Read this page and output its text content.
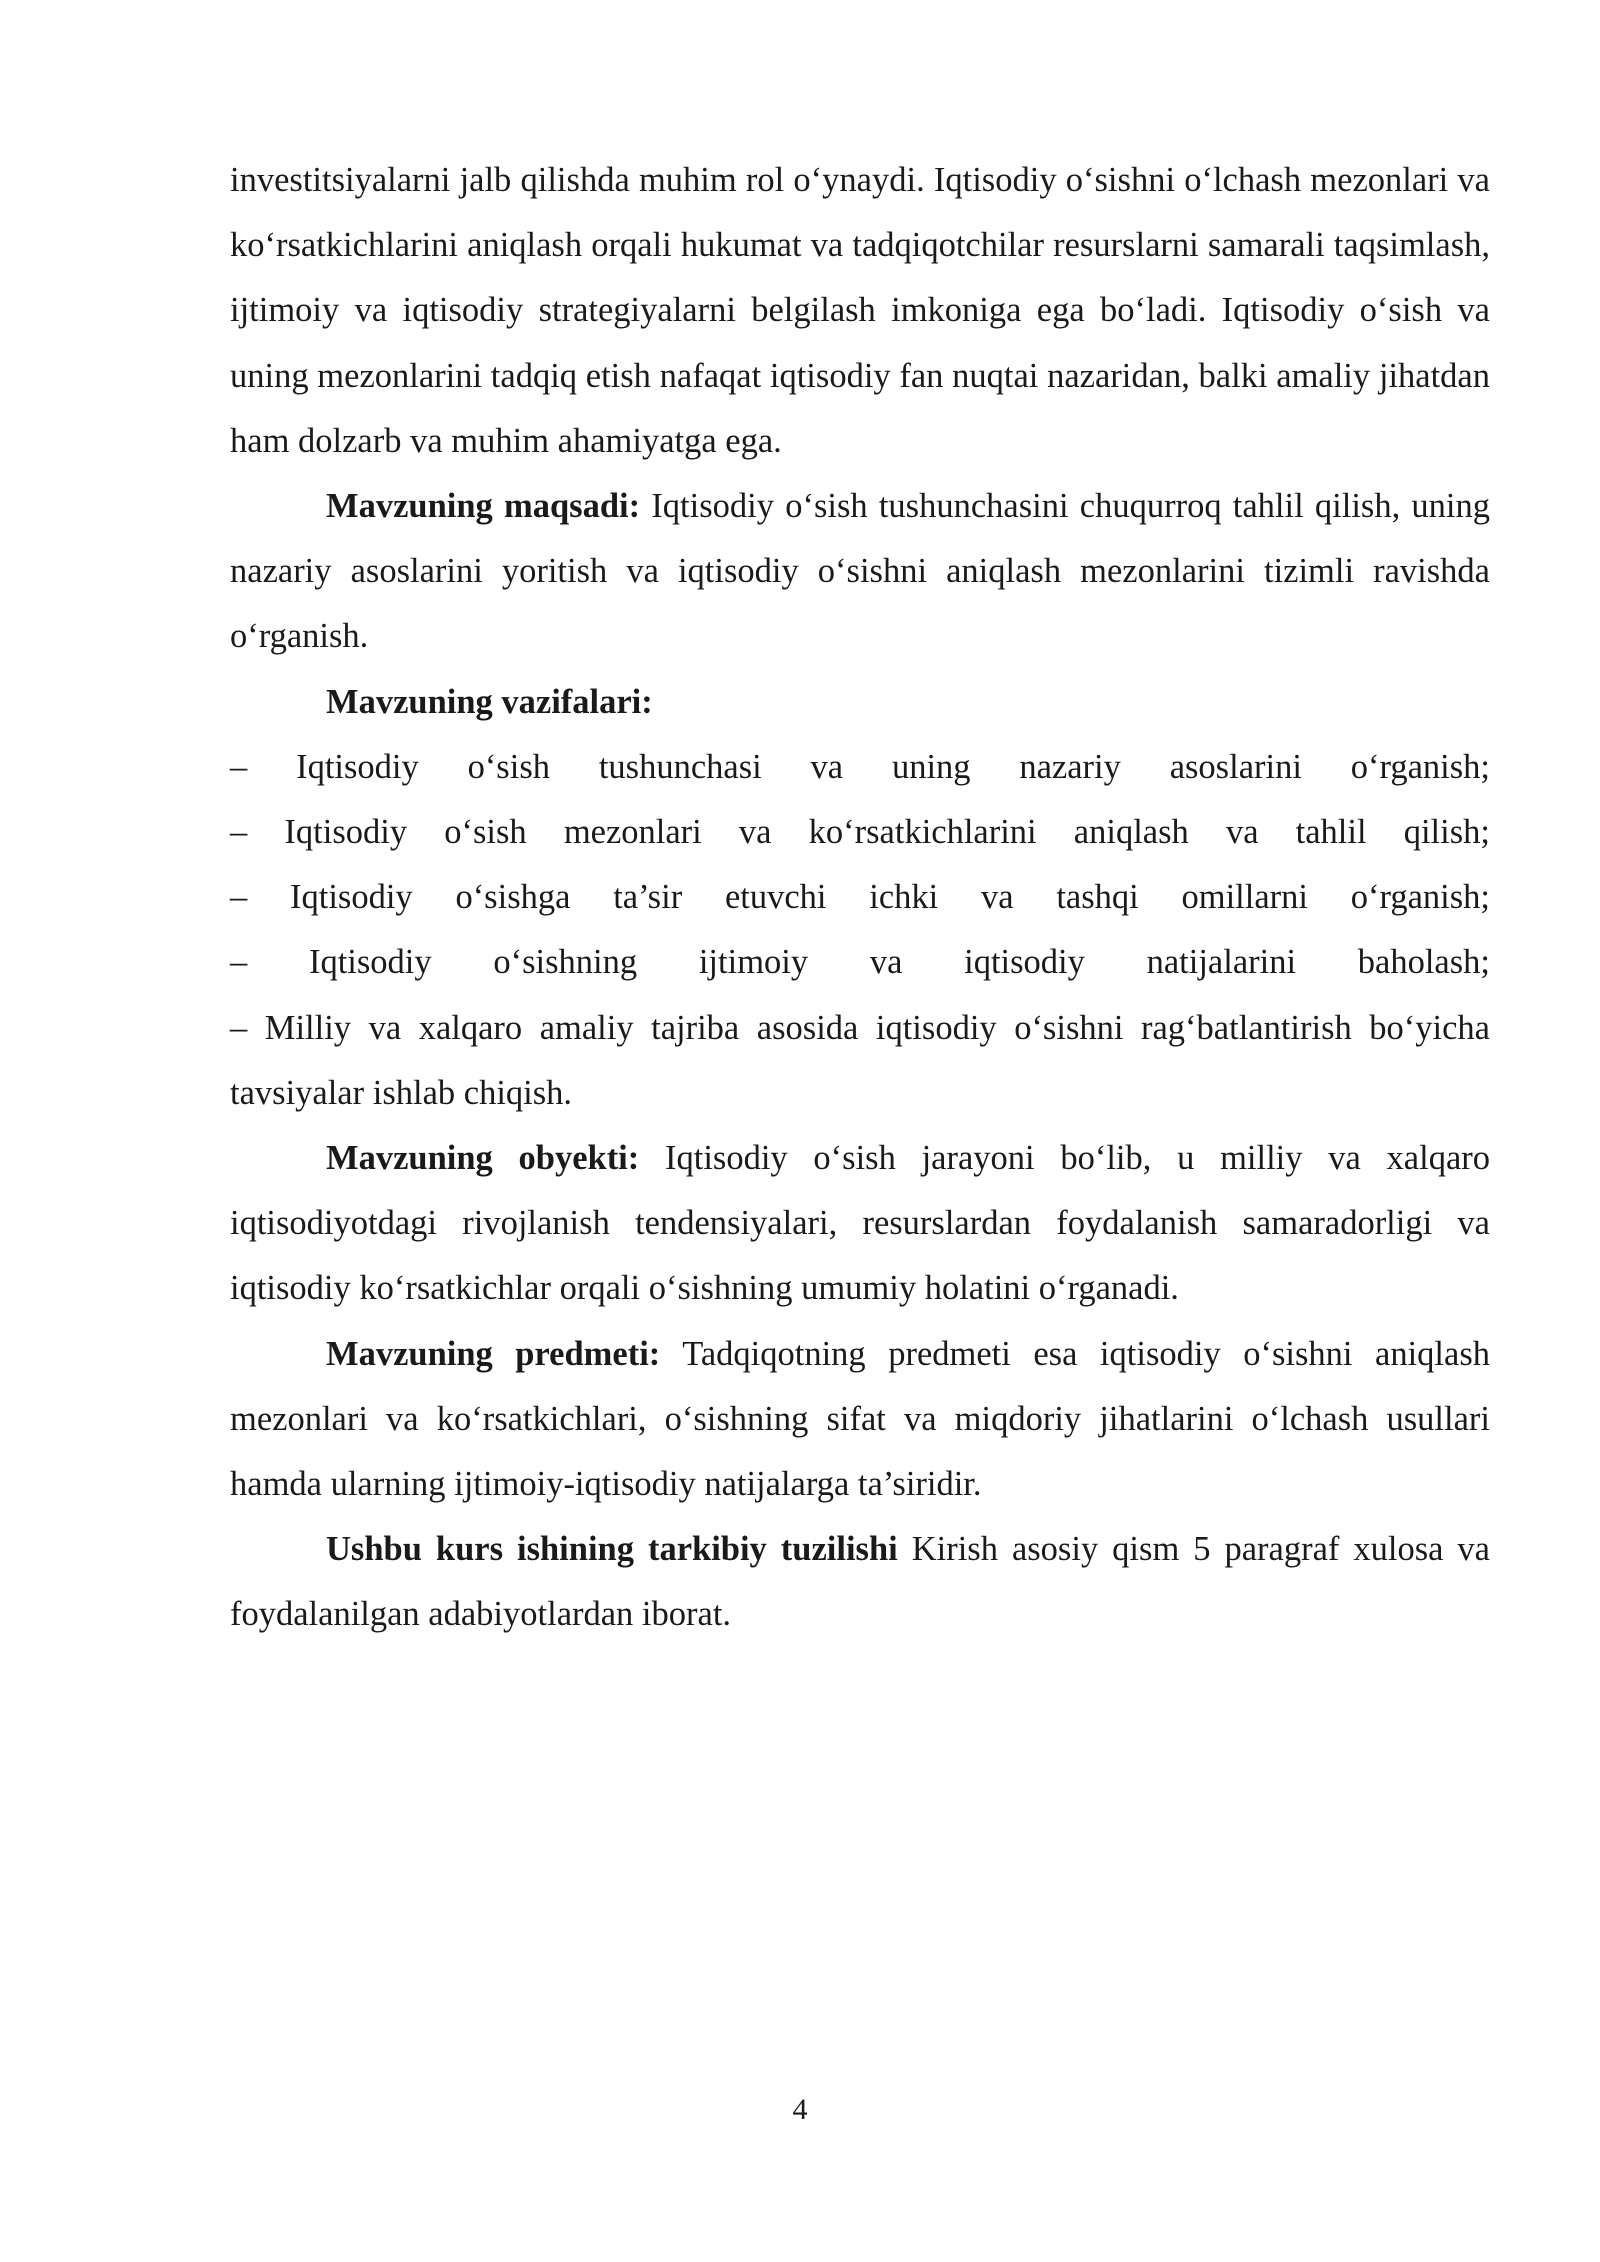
investitsiyalarni jalb qilishda muhim rol o‘ynaydi. Iqtisodiy o‘sishni o‘lchash mezonlari va ko‘rsatkichlarini aniqlash orqali hukumat va tadqiqotchilar resurslarni samarali taqsimlash, ijtimoiy va iqtisodiy strategiyalarni belgilash imkoniga ega bo‘ladi. Iqtisodiy o‘sish va uning mezonlarini tadqiq etish nafaqat iqtisodiy fan nuqtai nazaridan, balki amaliy jihatdan ham dolzarb va muhim ahamiyatga ega.

Mavzuning maqsadi: Iqtisodiy o‘sish tushunchasini chuqurroq tahlil qilish, uning nazariy asoslarini yoritish va iqtisodiy o‘sishni aniqlash mezonlarini tizimli ravishda o‘rganish.

Mavzuning vazifalari:

– Iqtisodiy o‘sish tushunchasi va uning nazariy asoslarini o‘rganish;

– Iqtisodiy o‘sish mezonlari va ko‘rsatkichlarini aniqlash va tahlil qilish;

– Iqtisodiy o‘sishga ta’sir etuvchi ichki va tashqi omillarni o‘rganish;

– Iqtisodiy o‘sishning ijtimoiy va iqtisodiy natijalarini baholash;

– Milliy va xalqaro amaliy tajriba asosida iqtisodiy o‘sishni rag‘batlantirish bo‘yicha tavsiyalar ishlab chiqish.

Mavzuning obyekti: Iqtisodiy o‘sish jarayoni bo‘lib, u milliy va xalqaro iqtisodiyotdagi rivojlanish tendensiyalari, resurslardan foydalanish samaradorligi va iqtisodiy ko‘rsatkichlar orqali o‘sishning umumiy holatini o‘rganadi.

Mavzuning predmeti: Tadqiqotning predmeti esa iqtisodiy o‘sishni aniqlash mezonlari va ko‘rsatkichlari, o‘sishning sifat va miqdoriy jihatlarini o‘lchash usullari hamda ularning ijtimoiy-iqtisodiy natijalarga ta’siridir.

Ushbu kurs ishining tarkibiy tuzilishi Kirish asosiy qism 5 paragraf xulosa va foydalanilgan adabiyotlardan iborat.

4
